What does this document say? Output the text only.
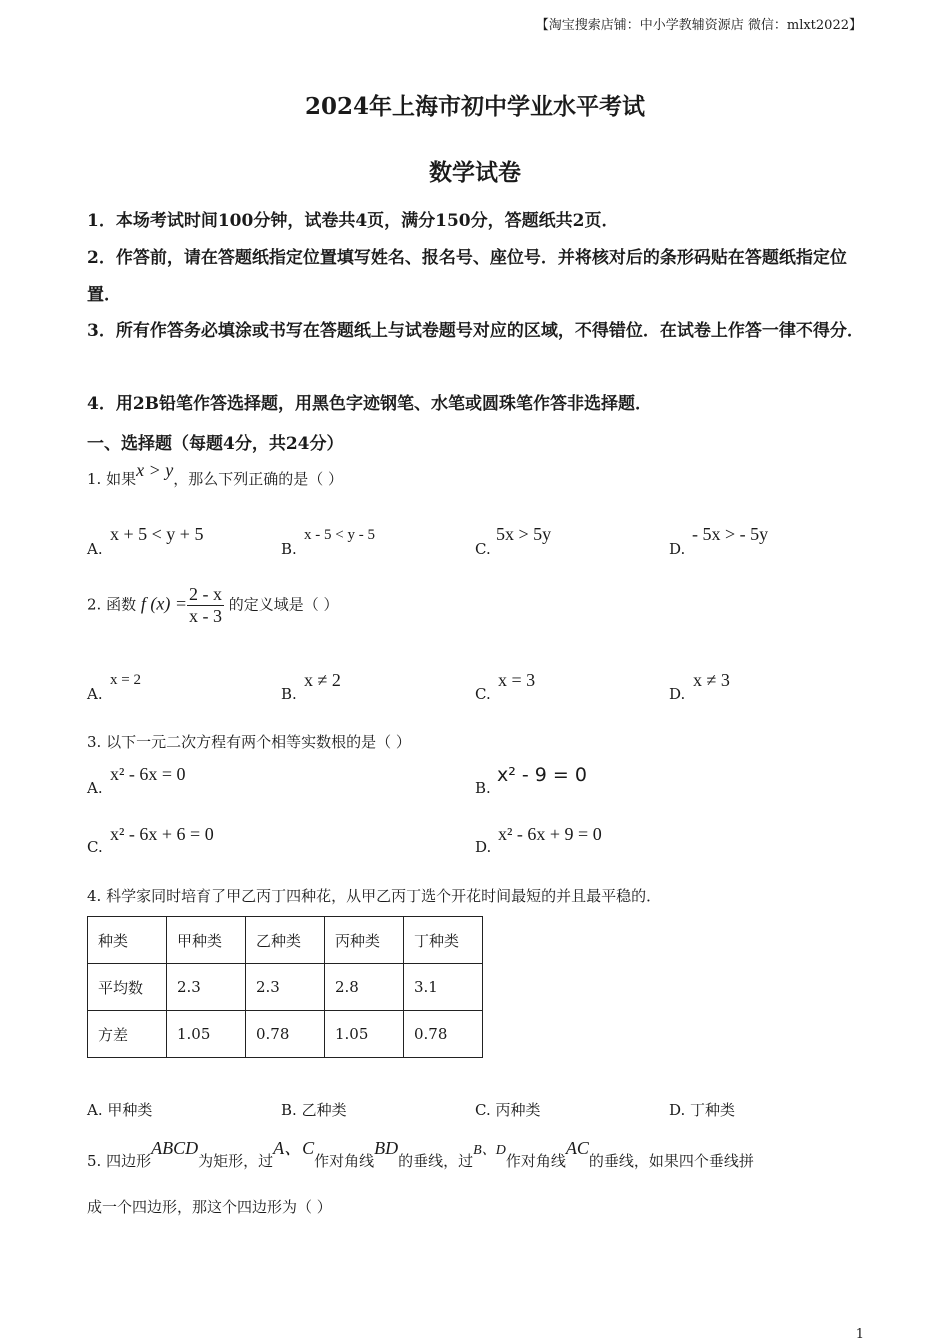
【淘宝搜索店铺：中小学教辅资源店 微信：mlxt2022】
2024年上海市初中学业水平考试
数学试卷
1．本场考试时间100分钟，试卷共4页，满分150分，答题纸共2页．
2．作答前，请在答题纸指定位置填写姓名、报名号、座位号．并将核对后的条形码贴在答题纸指定位置．
3．所有作答务必填涂或书写在答题纸上与试卷题号对应的区域，不得错位．在试卷上作答一律不得分．
4．用2B铅笔作答选择题，用黑色字迹钢笔、水笔或圆珠笔作答非选择题．
一、选择题（每题4分，共24分）
1. 如果x > y，那么下列正确的是（ ）
A.
x + 5 < y + 5
B.
x - 5 < y - 5
C.
5x > 5y
D.
- 5x > - 5y
2. 函数 f $(x) = \frac{2 - x}{x - 3}$ 的定义域是（ ）
A.
x = 2
B.
x ≠ 2
C.
x = 3
D.
x ≠ 3
3. 以下一元二次方程有两个相等实数根的是（ ）
A.
x² - 6x = 0
B.
x² - 9 = 0
C.
x² - 6x + 6 = 0
D.
x² - 6x + 9 = 0
4. 科学家同时培育了甲乙丙丁四种花，从甲乙丙丁选个开花时间最短的并且最平稳的．
种类	甲种类	乙种类	丙种类	丁种类
平均数	2.3	2.3	2.8	3.1
方差	1.05	0.78	1.05	0.78
A. 甲种类	B. 乙种类	C. 丙种类	D. 丁种类
5. 四边形ABCD为矩形，过A、C作对角线BD的垂线，过B、D作对角线AC的垂线，如果四个垂线拼
成一个四边形，那这个四边形为（ ）
1
